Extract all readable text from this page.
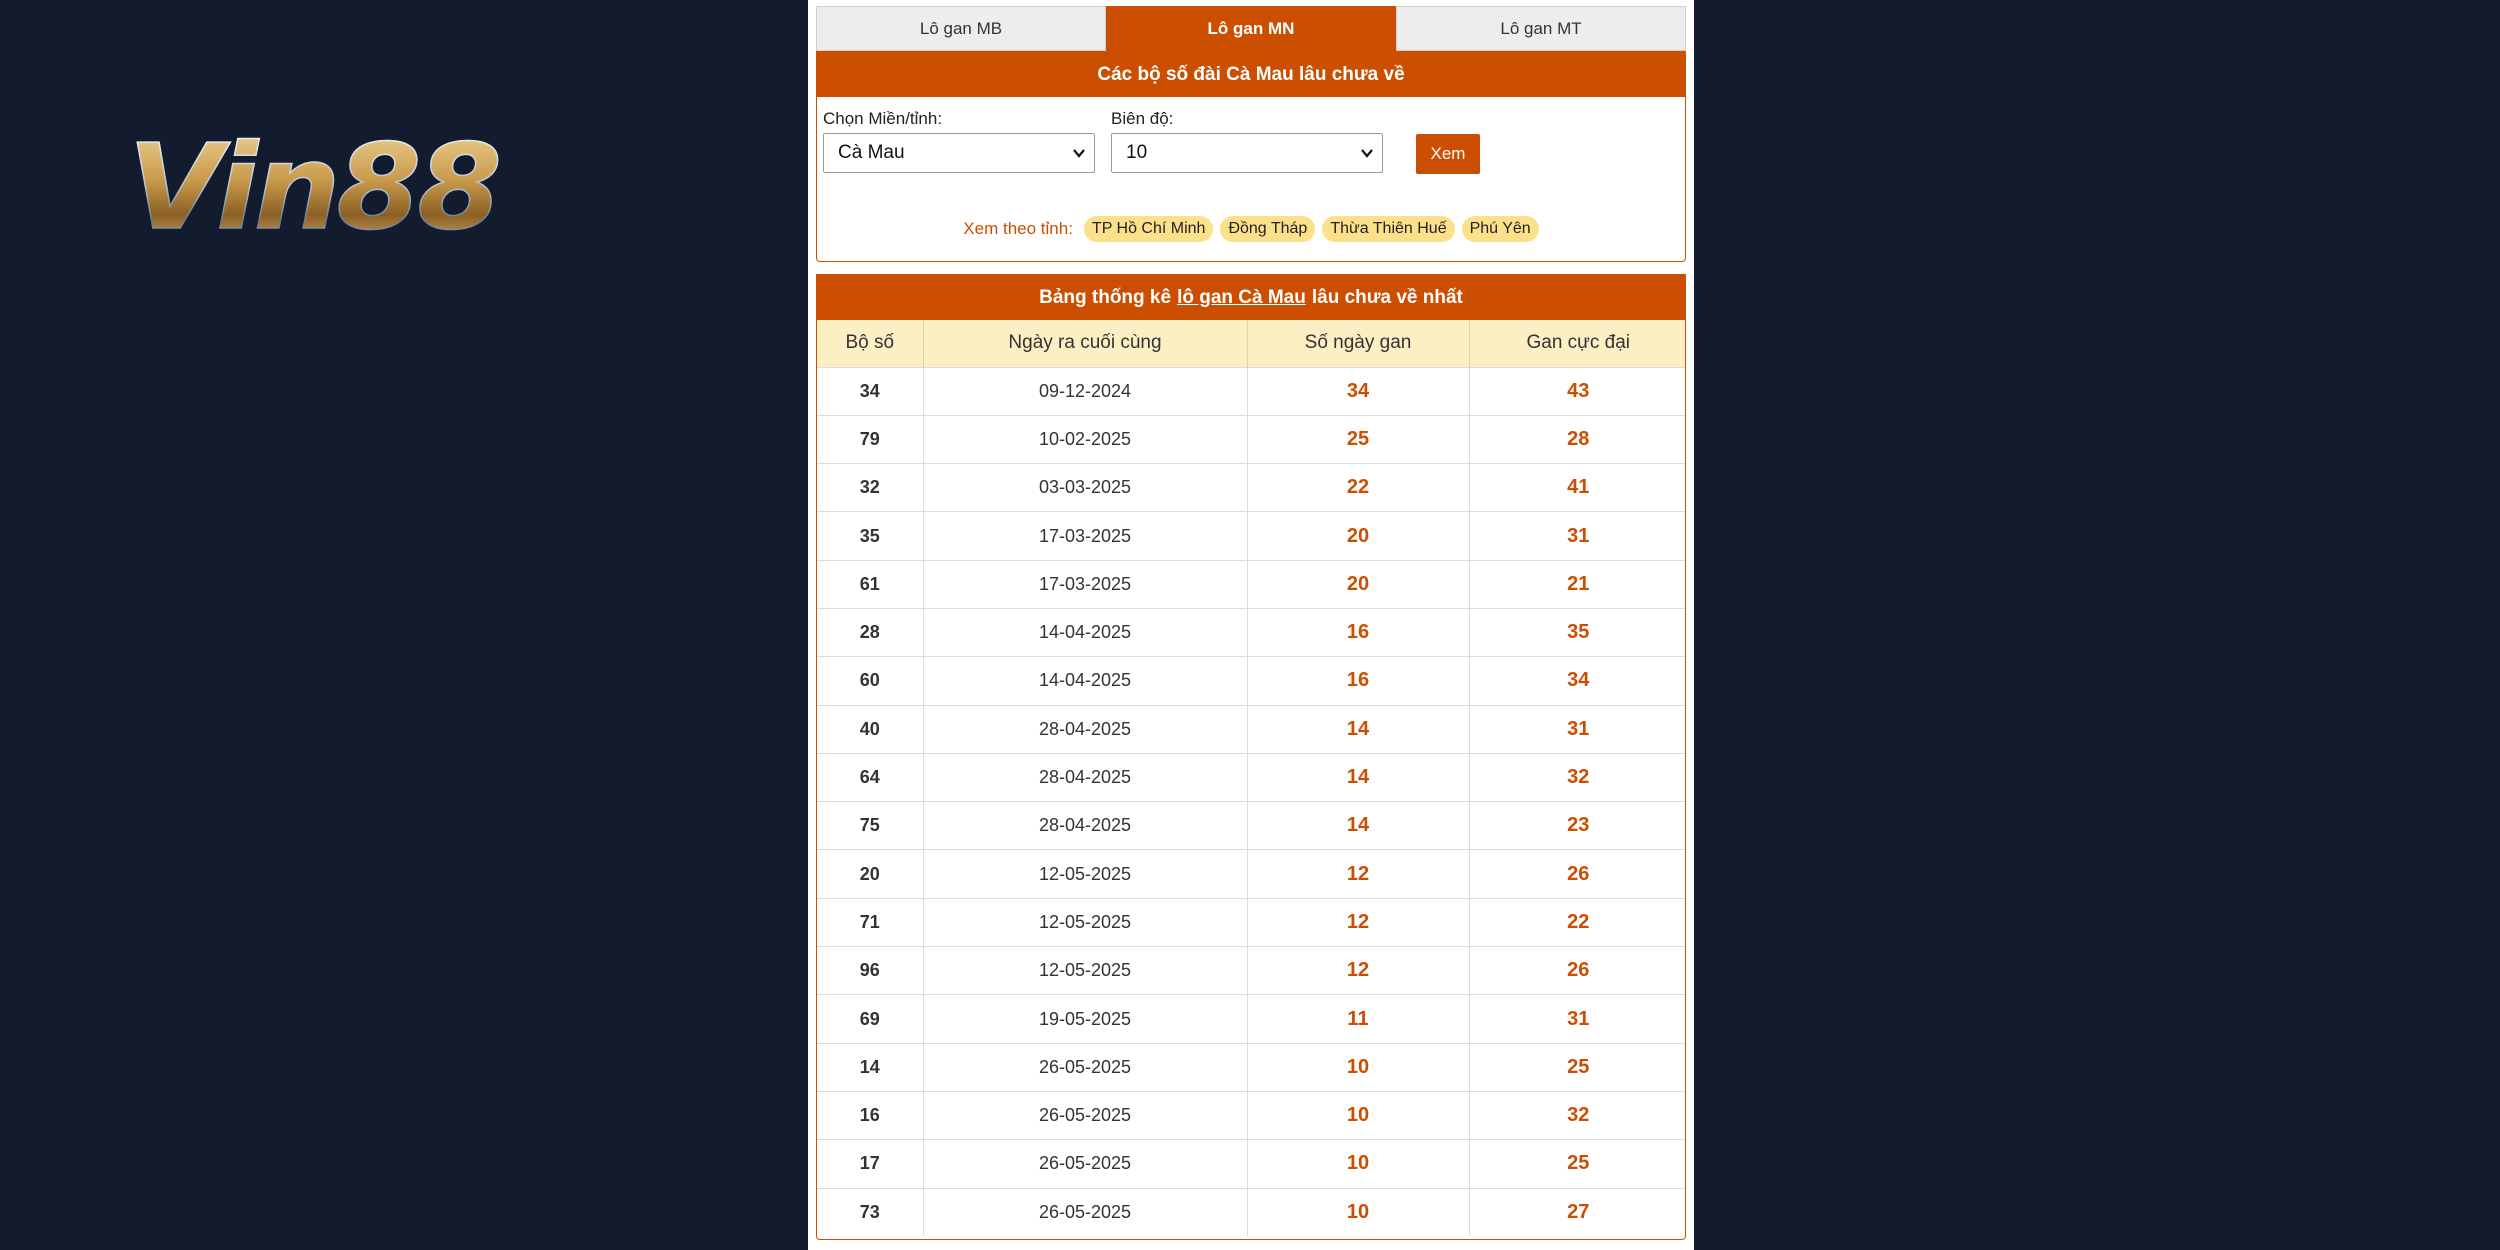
Vin88
Lô gan MB	Lô gan MN	Lô gan MT
Các bộ số đài Cà Mau lâu chưa về
Chọn Miền/tỉnh:
Cà Mau
Biên độ:
10	Xem
Xem theo tỉnh:	TP Hồ Chí Minh	Đồng Tháp	Thừa Thiên Huế	Phú Yên
Bảng thống kê lô gan Cà Mau lâu chưa về nhất
Bộ số	Ngày ra cuối cùng	Số ngày gan	Gan cực đại
34	09-12-2024	34	43
79	10-02-2025	25	28
32	03-03-2025	22	41
35	17-03-2025	20	31
61	17-03-2025	20	21
28	14-04-2025	16	35
60	14-04-2025	16	34
40	28-04-2025	14	31
64	28-04-2025	14	32
75	28-04-2025	14	23
20	12-05-2025	12	26
71	12-05-2025	12	22
96	12-05-2025	12	26
69	19-05-2025	11	31
14	26-05-2025	10	25
16	26-05-2025	10	32
17	26-05-2025	10	25
73	26-05-2025	10	27
